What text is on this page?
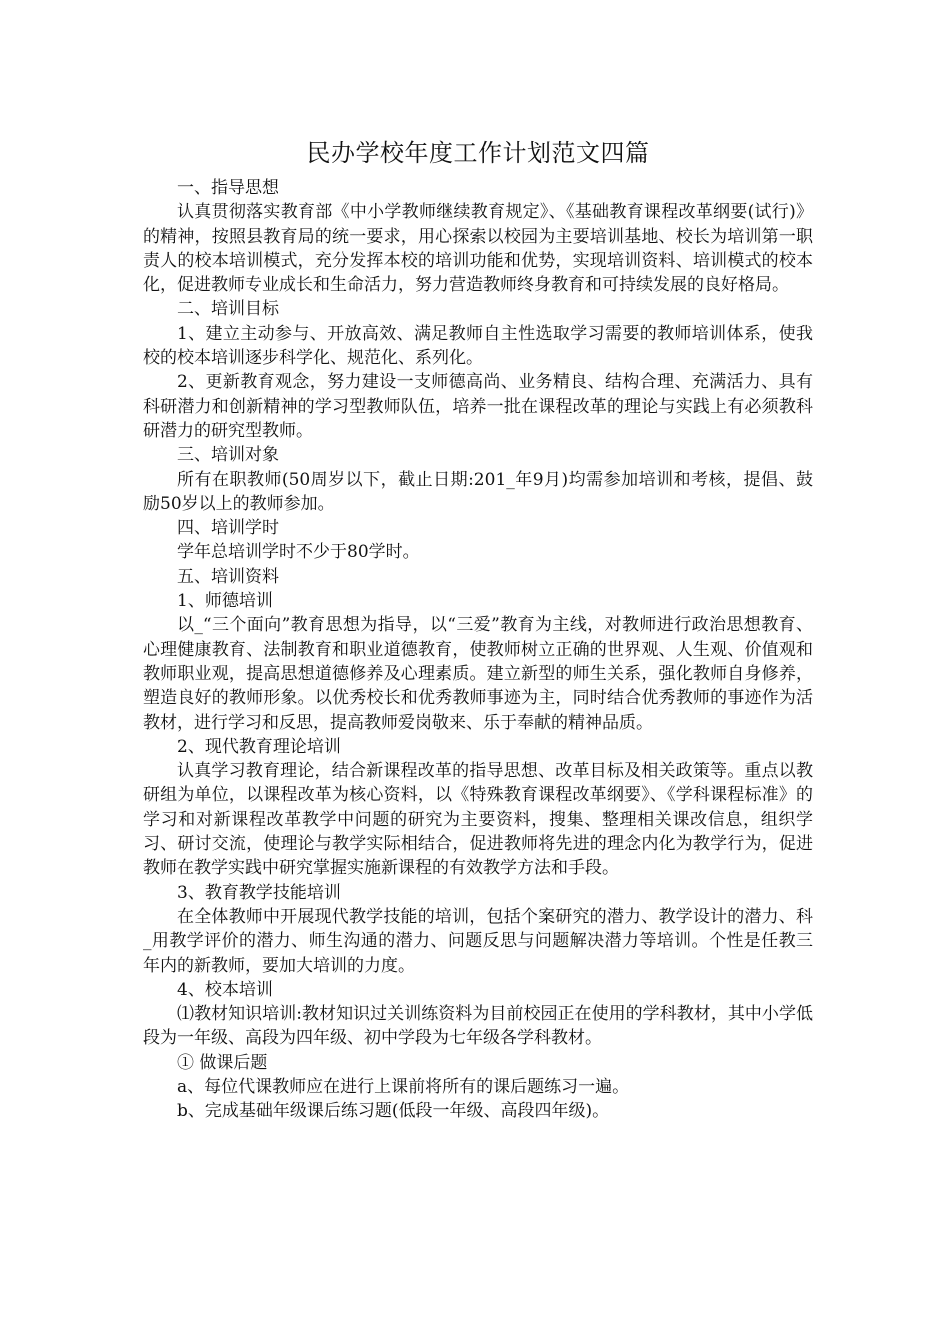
民办学校年度工作计划范文四篇

一、指导思想

认真贯彻落实教育部《中小学教师继续教育规定》、《基础教育课程改革纲要(试行)》的精神，按照县教育局的统一要求，用心探索以校园为主要培训基地、校长为培训第一职责人的校本培训模式，充分发挥本校的培训功能和优势，实现培训资料、培训模式的校本化，促进教师专业成长和生命活力，努力营造教师终身教育和可持续发展的良好格局。

二、培训目标

1、建立主动参与、开放高效、满足教师自主性选取学习需要的教师培训体系，使我校的校本培训逐步科学化、规范化、系列化。

2、更新教育观念，努力建设一支师德高尚、业务精良、结构合理、充满活力、具有科研潜力和创新精神的学习型教师队伍，培养一批在课程改革的理论与实践上有必须教科研潜力的研究型教师。

三、培训对象

所有在职教师(50周岁以下，截止日期:201_年9月)均需参加培训和考核，提倡、鼓励50岁以上的教师参加。

四、培训学时

学年总培训学时不少于80学时。

五、培训资料

1、师德培训

以_“三个面向”教育思想为指导，以“三爱”教育为主线，对教师进行政治思想教育、心理健康教育、法制教育和职业道德教育，使教师树立正确的世界观、人生观、价值观和教师职业观，提高思想道德修养及心理素质。建立新型的师生关系，强化教师自身修养，塑造良好的教师形象。以优秀校长和优秀教师事迹为主，同时结合优秀教师的事迹作为活教材，进行学习和反思，提高教师爱岗敬来、乐于奉献的精神品质。

2、现代教育理论培训

认真学习教育理论，结合新课程改革的指导思想、改革目标及相关政策等。重点以教研组为单位，以课程改革为核心资料，以《特殊教育课程改革纲要》、《学科课程标准》的学习和对新课程改革教学中问题的研究为主要资料，搜集、整理相关课改信息，组织学习、研讨交流，使理论与教学实际相结合，促进教师将先进的理念内化为教学行为，促进教师在教学实践中研究掌握实施新课程的有效教学方法和手段。

3、教育教学技能培训

在全体教师中开展现代教学技能的培训，包括个案研究的潜力、教学设计的潜力、科_用教学评价的潜力、师生沟通的潜力、问题反思与问题解决潜力等培训。个性是任教三年内的新教师，要加大培训的力度。

4、校本培训

⑴教材知识培训:教材知识过关训练资料为目前校园正在使用的学科教材，其中小学低段为一年级、高段为四年级、初中学段为七年级各学科教材。

① 做课后题

a、每位代课教师应在进行上课前将所有的课后题练习一遍。

b、完成基础年级课后练习题(低段一年级、高段四年级)。
